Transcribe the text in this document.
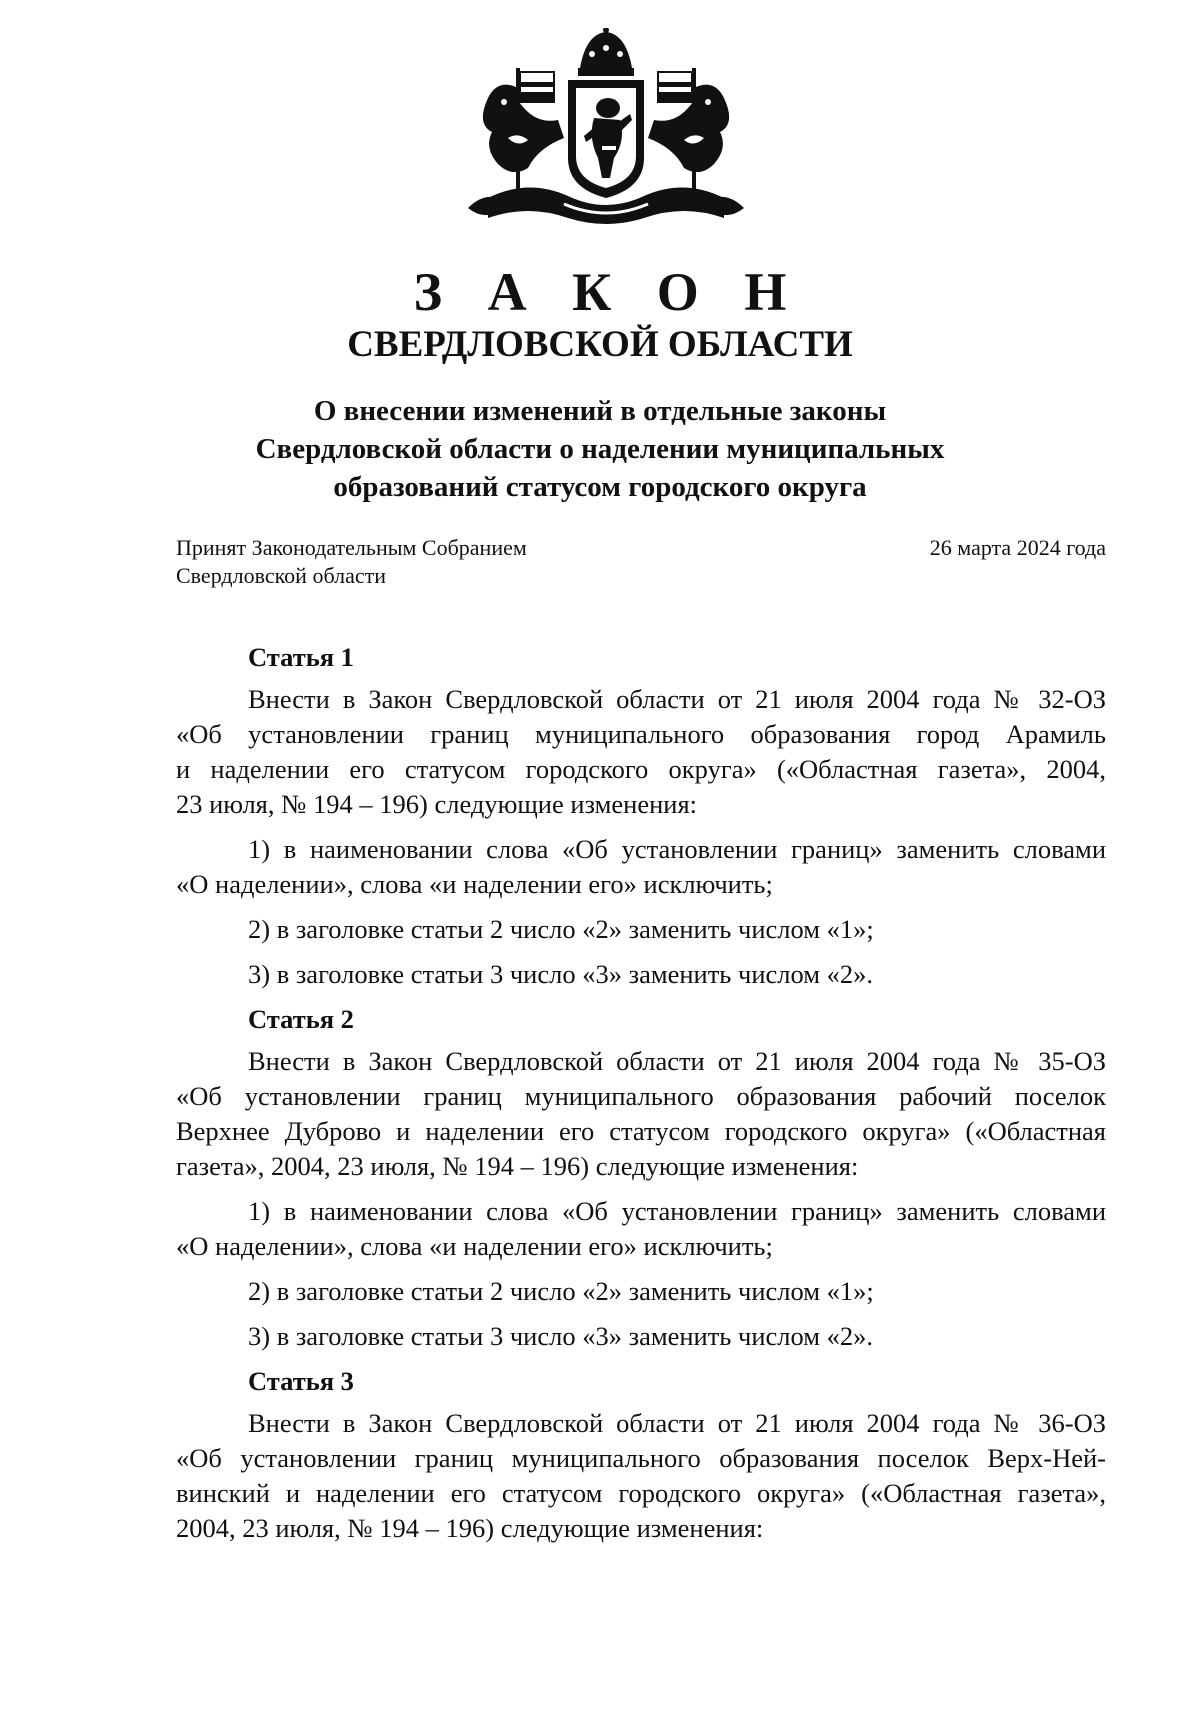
З А К О Н
СВЕРДЛОВСКОЙ ОБЛАСТИ
О внесении изменений в отдельные законы
Свердловской области о наделении муниципальных
образований статусом городского округа
Принят Законодательным Собранием
Свердловской области
26 марта 2024 года
Статья 1
Внести в Закон Свердловской области от 21 июля 2004 года № 32-ОЗ
«Об установлении границ муниципального образования город Арамиль
и наделении его статусом городского округа» («Областная газета», 2004,
23 июля, № 194 – 196) следующие изменения:
1) в наименовании слова «Об установлении границ» заменить словами
«О наделении», слова «и наделении его» исключить;
2) в заголовке статьи 2 число «2» заменить числом «1»;
3) в заголовке статьи 3 число «3» заменить числом «2».
Статья 2
Внести в Закон Свердловской области от 21 июля 2004 года № 35-ОЗ
«Об установлении границ муниципального образования рабочий поселок
Верхнее Дуброво и наделении его статусом городского округа» («Областная
газета», 2004, 23 июля, № 194 – 196) следующие изменения:
1) в наименовании слова «Об установлении границ» заменить словами
«О наделении», слова «и наделении его» исключить;
2) в заголовке статьи 2 число «2» заменить числом «1»;
3) в заголовке статьи 3 число «3» заменить числом «2».
Статья 3
Внести в Закон Свердловской области от 21 июля 2004 года № 36-ОЗ
«Об установлении границ муниципального образования поселок Верх-Ней-
винский и наделении его статусом городского округа» («Областная газета»,
2004, 23 июля, № 194 – 196) следующие изменения:
